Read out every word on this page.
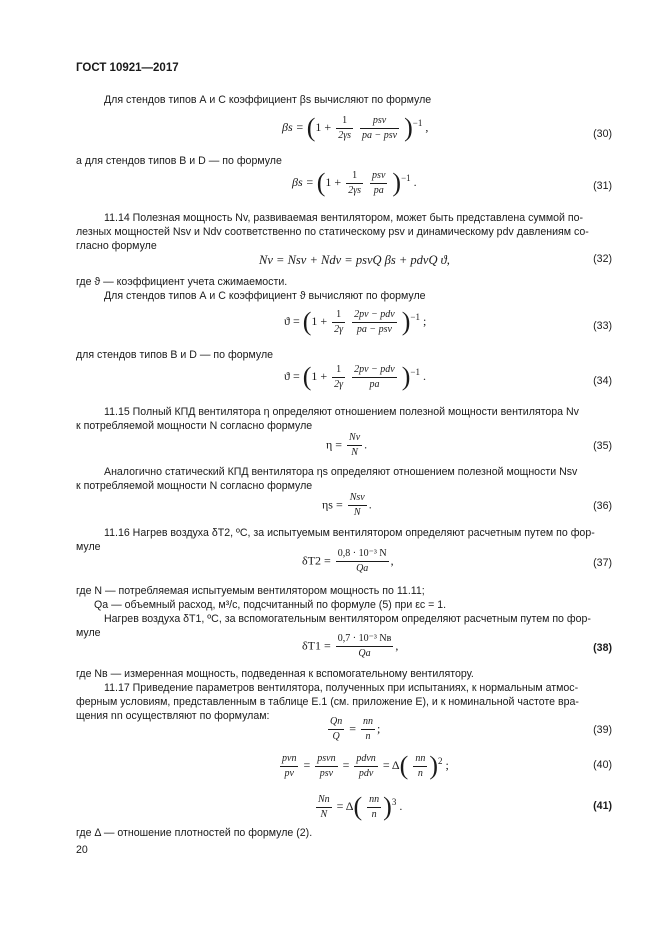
ГОСТ 10921—2017
Для стендов типов А и С коэффициент βs вычисляют по формуле
$\beta s = (1 + \frac{1}{2\gamma s}$
$\frac{\text{psv}}{\text{pa − psv}} )^{-1}$ ,
(30)
а для стендов типов В и D — по формуле
$\beta s = (1 + \frac{1}{2\gamma s}$
$\frac{\text{psv}}{pa} )^{-1}$ .	(31)
11.14 Полезная мощность Nv, развиваемая вентилятором, может быть представлена суммой по-
лезных мощностей Nsv и Ndv соответственно по статическому psv и динамическому pdv давлениям со-
гласно формуле
Nv = Nsv + Ndv = psvQ βs + pdvQ ϑ,	(32)
где ϑ — коэффициент учета сжимаемости.
Для стендов типов А и С коэффициент ϑ вычисляют по формуле
$ϑ = (1 + \frac{1}{2\gamma}$
$\frac{\text{2pv − pdv}}{\text{pa − psv}} )^{-1}$ ;	(33)
для стендов типов В и D — по формуле
$ϑ = (1 + \frac{1}{2\gamma}$
$\frac{\text{2pv − pdv}}{pa} )^{-1}$ .	(34)
11.15 Полный КПД вентилятора η определяют отношением полезной мощности вентилятора Nv
к потребляемой мощности N согласно формуле
$\eta = \frac{Nv}{N}$ .	(35)
Аналогично статический КПД вентилятора ηs определяют отношением полезной мощности Nsv
к потребляемой мощности N согласно формуле
$\eta s = \frac{\text{Nsv}}{N}$ .	(36)
11.16 Нагрев воздуха δT2, ºС, за испытуемым вентилятором определяют расчетным путем по фор-
муле
$\delta T2 = \frac{\text{0,8 · 10⁻³ N}}{Qa}$ ,	(37)
где N — потребляемая испытуемым вентилятором мощность по 11.11;
Qa — объемный расход, м³/с, подсчитанный по формуле (5) при εc = 1.
Нагрев воздуха δT1, ºС, за вспомогательным вентилятором определяют расчетным путем по фор-
муле
$\delta T1 = \frac{\text{0,7 · 10⁻³ Nв}}{Qa}$ ,	(38)
где Nв — измеренная мощность, подведенная к вспомогательному вентилятору.
11.17 Приведение параметров вентилятора, полученных при испытаниях, к нормальным атмос-
ферным условиям, представленным в таблице Е.1 (см. приложение Е), и к номинальной частоте вра-
щения nn осуществляют по формулам:	$\frac{Qn}{Q} = \frac{nn}{n}$ ;	(39)
$\frac{\text{pvn}}{pv} = \frac{\text{psvn}}{\text{psv}} = \frac{\text{pdvn}}{\text{pdv}} = \Delta( \frac{nn}{n} )^2$ ;	(40)
$\frac{Nn}{N} = \Delta( \frac{nn}{n} )^3$ .	(41)
где Δ — отношение плотностей по формуле (2).
20
